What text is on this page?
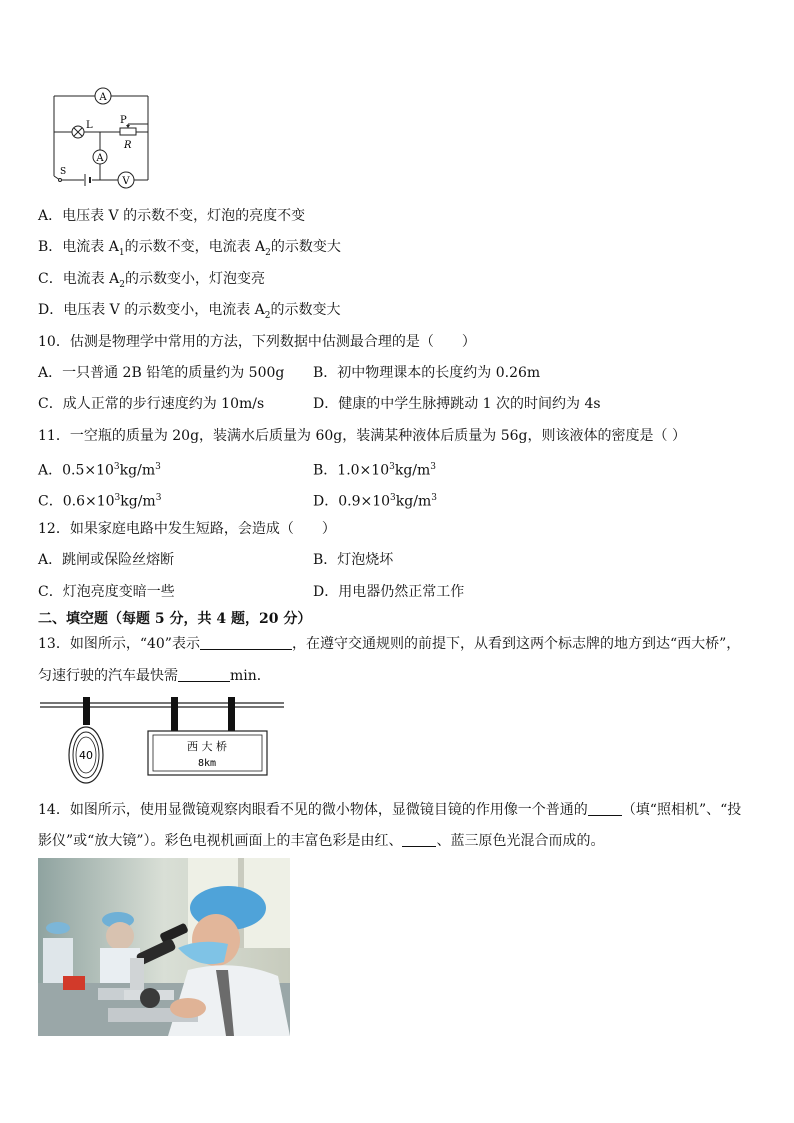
A
L	P
R
A
S
V
A．电压表 V 的示数不变，灯泡的亮度不变
B．电流表 $A_1$的示数不变，电流表 $A_2$的示数变大
C．电流表 $A_2$的示数变小，灯泡变亮
D．电压表 V 的示数变小，电流表 $A_2$的示数变大
10．估测是物理学中常用的方法，下列数据中估测最合理的是（　　）
A．一只普通 2B 铅笔的质量约为 500g B．初中物理课本的长度约为 0.26m
C．成人正常的步行速度约为 10m/s	D．健康的中学生脉搏跳动 1 次的时间约为 4s
11．一空瓶的质量为 20g，装满水后质量为 60g，装满某种液体后质量为 56g，则该液体的密度是（ ）
A．$0.5\times 10^3kg/m^3$	B．$1.0\times 10^3kg/m^3$
C．$0.6\times 10^3kg/m^3$	D．$0.9\times 10^3kg/m^3$
12．如果家庭电路中发生短路，会造成（　　）
A．跳闸或保险丝熔断	B．灯泡烧坏
C．灯泡亮度变暗一些	D．用电器仍然正常工作
二、填空题（每题 5 分，共 4 题，20 分）
13．如图所示，“40”表示	，在遵守交通规则的前提下，从看到这两个标志牌的地方到达“西大桥”，
匀速行驶的汽车最快需	min．
40
西 大 桥
8km
14．如图所示，使用显微镜观察肉眼看不见的微小物体，显微镜目镜的作用像一个普通的 （填“照相机”、“投
影仪”或“放大镜”）。彩色电视机画面上的丰富色彩是由红、 、蓝三原色光混合而成的。
